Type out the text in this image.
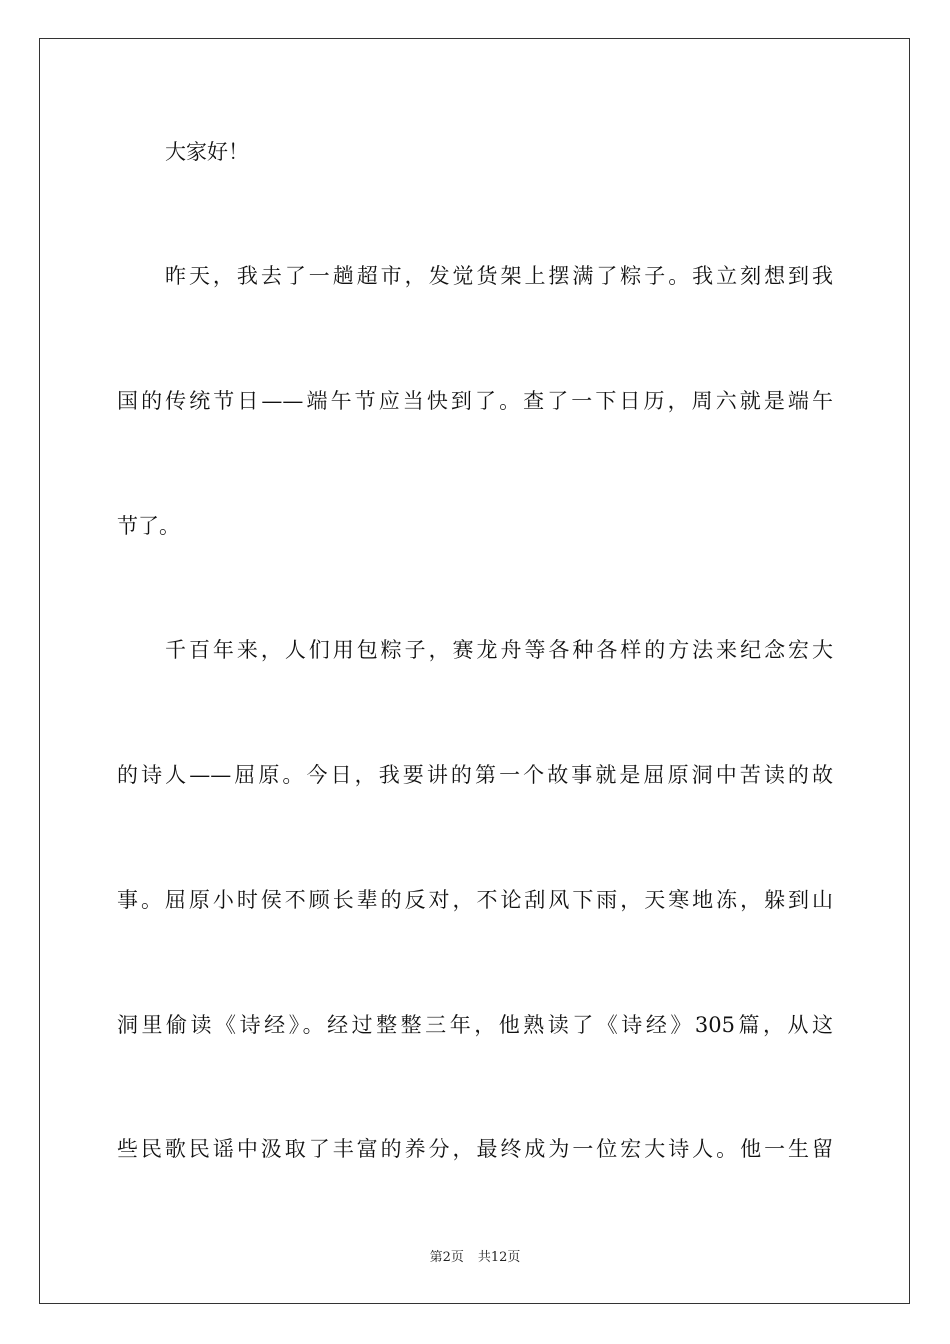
大家好！
昨天，我去了一趟超市，发觉货架上摆满了粽子。我立刻想到我
国的传统节日——端午节应当快到了。查了一下日历，周六就是端午
节了。
千百年来，人们用包粽子，赛龙舟等各种各样的方法来纪念宏大
的诗人——屈原。今日，我要讲的第一个故事就是屈原洞中苦读的故
事。屈原小时侯不顾长辈的反对，不论刮风下雨，天寒地冻，躲到山
洞里偷读《诗经》。经过整整三年，他熟读了《诗经》305篇，从这
些民歌民谣中汲取了丰富的养分，最终成为一位宏大诗人。他一生留
第2页 共12页
